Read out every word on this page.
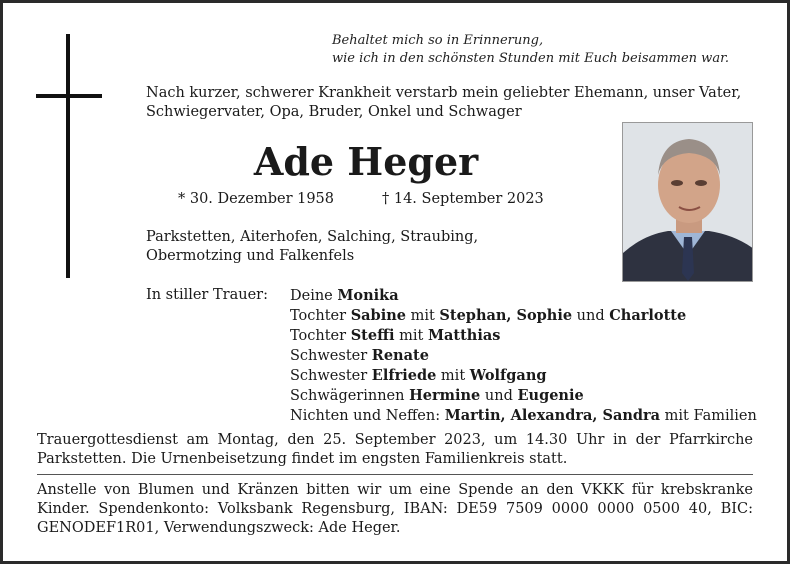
Behaltet mich so in Erinnerung,
wie ich in den schönsten Stunden mit Euch beisammen war.
Nach kurzer, schwerer Krankheit verstarb mein geliebter Ehemann, unser Vater, Schwiegervater, Opa, Bruder, Onkel und Schwager
Ade Heger
* 30. Dezember 1958	† 14. September 2023
Parkstetten, Aiterhofen, Salching, Straubing,
Obermotzing und Falkenfels
In stiller Trauer: Deine Monika
Tochter Sabine mit Stephan, Sophie und Charlotte
Tochter Steffi mit Matthias
Schwester Renate
Schwester Elfriede mit Wolfgang
Schwägerinnen Hermine und Eugenie
Nichten und Neffen: Martin, Alexandra, Sandra mit Familien
Trauergottesdienst am Montag, den 25. September 2023, um 14.30 Uhr in der Pfarrkirche Parkstetten. Die Urnenbeisetzung findet im engsten Familienkreis statt.
Anstelle von Blumen und Kränzen bitten wir um eine Spende an den VKKK für krebskranke Kinder. Spendenkonto: Volksbank Regensburg, IBAN: DE59 7509 0000 0000 0500 40, BIC: GENODEF1R01, Verwendungszweck: Ade Heger.
